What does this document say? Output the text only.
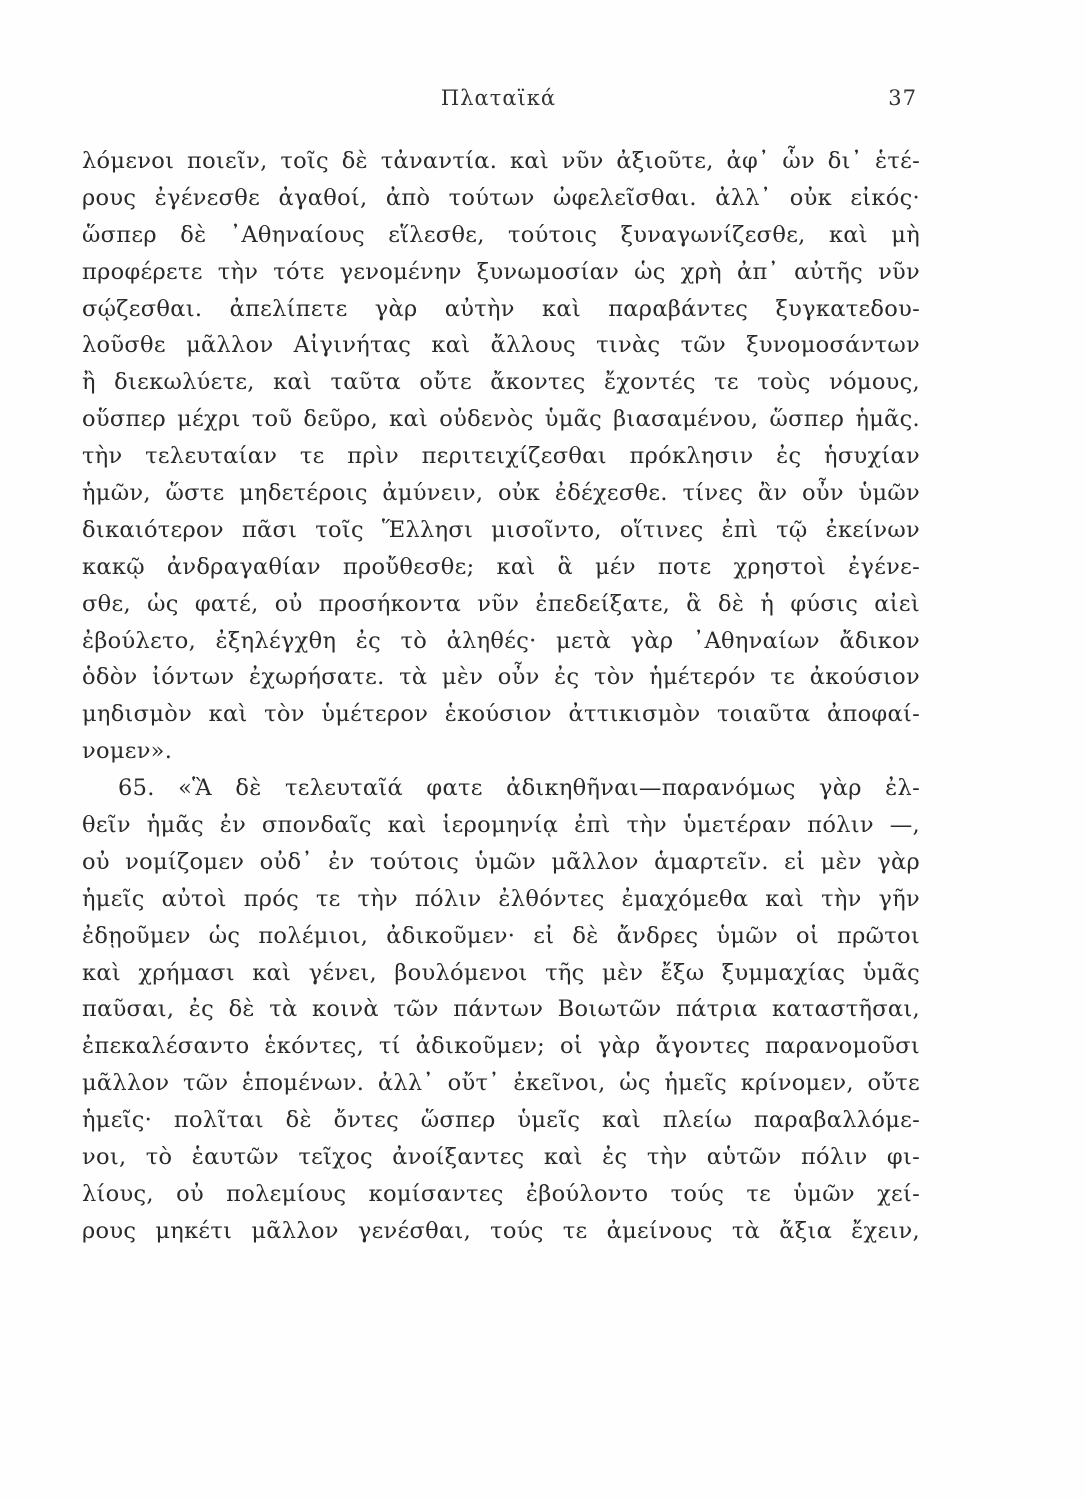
Πλαταϊκά	37
λόμενοι ποιεῖν, τοῖς δὲ τἀναντία. καὶ νῦν ἀξιοῦτε, ἀφ᾿ ὧν δι᾿ ἑτέ-
ρους ἐγένεσθε ἀγαθοί, ἀπὸ τούτων ὠφελεῖσθαι. ἀλλ᾿ οὐκ εἰκός·
ὥσπερ δὲ ᾿Αθηναίους εἵλεσθε, τούτοις ξυναγωνίζεσθε, καὶ μὴ
προφέρετε τὴν τότε γενομένην ξυνωμοσίαν ὡς χρὴ ἀπ᾿ αὐτῆς νῦν
σῴζεσθαι. ἀπελίπετε γὰρ αὐτὴν καὶ παραβάντες ξυγκατεδου-
λοῦσθε μᾶλλον Αἰγινήτας καὶ ἄλλους τινὰς τῶν ξυνομοσάντων
ἢ διεκωλύετε, καὶ ταῦτα οὔτε ἄκοντες ἔχοντές τε τοὺς νόμους,
οὕσπερ μέχρι τοῦ δεῦρο, καὶ οὐδενὸς ὑμᾶς βιασαμένου, ὥσπερ ἡμᾶς.
τὴν τελευταίαν τε πρὶν περιτειχίζεσθαι πρόκλησιν ἐς ἡσυχίαν
ἡμῶν, ὥστε μηδετέροις ἀμύνειν, οὐκ ἐδέχεσθε. τίνες ἂν οὖν ὑμῶν
δικαιότερον πᾶσι τοῖς Ἕλλησι μισοῖντο, οἵτινες ἐπὶ τῷ ἐκείνων
κακῷ ἀνδραγαθίαν προὔθεσθε; καὶ ἃ μέν ποτε χρηστοὶ ἐγένε-
σθε, ὡς φατέ, οὐ προσήκοντα νῦν ἐπεδείξατε, ἃ δὲ ἡ φύσις αἰεὶ
ἐβούλετο, ἐξηλέγχθη ἐς τὸ ἀληθές· μετὰ γὰρ ᾿Αθηναίων ἄδικον
ὁδὸν ἰόντων ἐχωρήσατε. τὰ μὲν οὖν ἐς τὸν ἡμέτερόν τε ἀκούσιον
μηδισμὸν καὶ τὸν ὑμέτερον ἑκούσιον ἀττικισμὸν τοιαῦτα ἀποφαί-
νομεν».
65. «Ἃ δὲ τελευταῖά φατε ἀδικηθῆναι—παρανόμως γὰρ ἐλ-
θεῖν ἡμᾶς ἐν σπονδαῖς καὶ ἱερομηνίᾳ ἐπὶ τὴν ὑμετέραν πόλιν —,
οὐ νομίζομεν οὐδ᾿ ἐν τούτοις ὑμῶν μᾶλλον ἁμαρτεῖν. εἰ μὲν γὰρ
ἡμεῖς αὐτοὶ πρός τε τὴν πόλιν ἐλθόντες ἐμαχόμεθα καὶ τὴν γῆν
ἐδῃοῦμεν ὡς πολέμιοι, ἀδικοῦμεν· εἰ δὲ ἄνδρες ὑμῶν οἱ πρῶτοι
καὶ χρήμασι καὶ γένει, βουλόμενοι τῆς μὲν ἔξω ξυμμαχίας ὑμᾶς
παῦσαι, ἐς δὲ τὰ κοινὰ τῶν πάντων Βοιωτῶν πάτρια καταστῆσαι,
ἐπεκαλέσαντο ἑκόντες, τί ἀδικοῦμεν; οἱ γὰρ ἄγοντες παρανομοῦσι
μᾶλλον τῶν ἑπομένων. ἀλλ᾿ οὔτ᾿ ἐκεῖνοι, ὡς ἡμεῖς κρίνομεν, οὔτε
ἡμεῖς· πολῖται δὲ ὄντες ὥσπερ ὑμεῖς καὶ πλείω παραβαλλόμε-
νοι, τὸ ἑαυτῶν τεῖχος ἀνοίξαντες καὶ ἐς τὴν αὑτῶν πόλιν φι-
λίους, οὐ πολεμίους κομίσαντες ἐβούλοντο τούς τε ὑμῶν χεί-
ρους μηκέτι μᾶλλον γενέσθαι, τούς τε ἀμείνους τὰ ἄξια ἔχειν,
